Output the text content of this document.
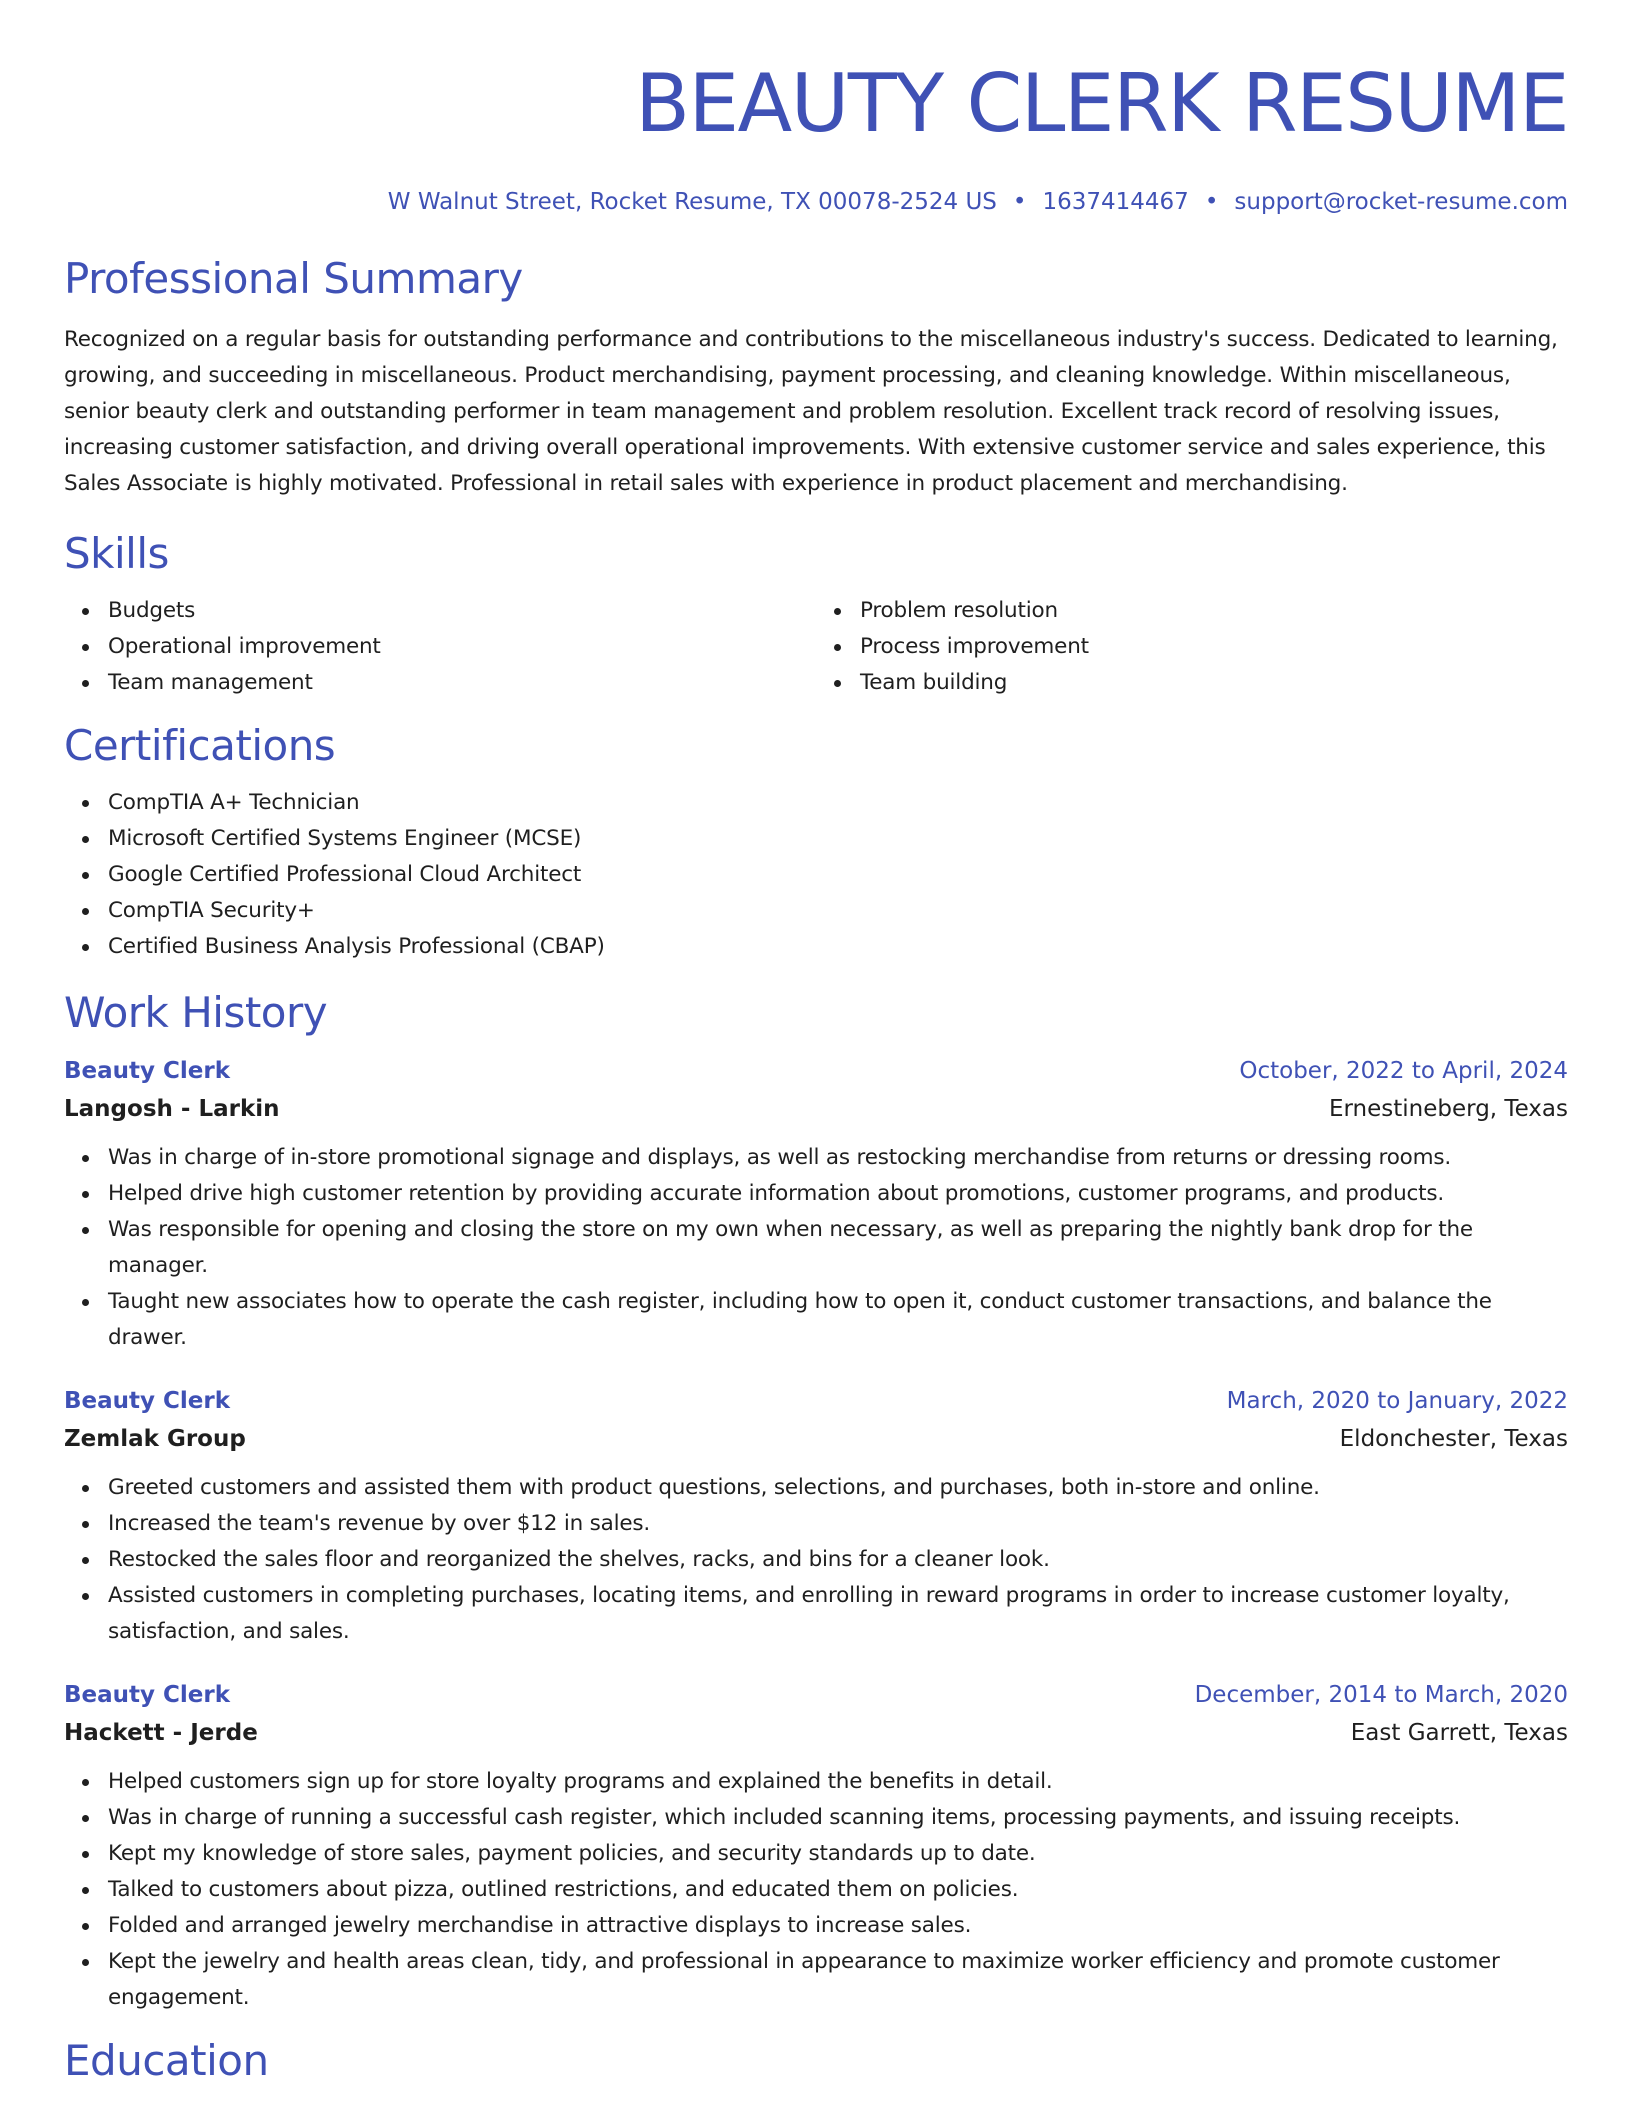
BEAUTY CLERK RESUME
W Walnut Street, Rocket Resume, TX 00078-2524 US • 1637414467 • support@rocket-resume.com
Professional Summary

Recognized on a regular basis for outstanding performance and contributions to the miscellaneous industry's success. Dedicated to learning, growing, and succeeding in miscellaneous. Product merchandising, payment processing, and cleaning knowledge. Within miscellaneous, senior beauty clerk and outstanding performer in team management and problem resolution. Excellent track record of resolving issues, increasing customer satisfaction, and driving overall operational improvements. With extensive customer service and sales experience, this Sales Associate is highly motivated. Professional in retail sales with experience in product placement and merchandising.

Skills
Budgets
Operational improvement
Team management
Problem resolution
Process improvement
Team building
Certifications
CompTIA A+ Technician
Microsoft Certified Systems Engineer (MCSE)
Google Certified Professional Cloud Architect
CompTIA Security+
Certified Business Analysis Professional (CBAP)
Work History
Beauty Clerk	October, 2022 to April, 2024
Langosh - Larkin	Ernestineberg, Texas
Was in charge of in-store promotional signage and displays, as well as restocking merchandise from returns or dressing rooms.
Helped drive high customer retention by providing accurate information about promotions, customer programs, and products.
Was responsible for opening and closing the store on my own when necessary, as well as preparing the nightly bank drop for the manager.
Taught new associates how to operate the cash register, including how to open it, conduct customer transactions, and balance the drawer.
Beauty Clerk	March, 2020 to January, 2022
Zemlak Group	Eldonchester, Texas
Greeted customers and assisted them with product questions, selections, and purchases, both in-store and online.
Increased the team's revenue by over $12 in sales.
Restocked the sales floor and reorganized the shelves, racks, and bins for a cleaner look.
Assisted customers in completing purchases, locating items, and enrolling in reward programs in order to increase customer loyalty, satisfaction, and sales.
Beauty Clerk	December, 2014 to March, 2020
Hackett - Jerde	East Garrett, Texas
Helped customers sign up for store loyalty programs and explained the benefits in detail.
Was in charge of running a successful cash register, which included scanning items, processing payments, and issuing receipts.
Kept my knowledge of store sales, payment policies, and security standards up to date.
Talked to customers about pizza, outlined restrictions, and educated them on policies.
Folded and arranged jewelry merchandise in attractive displays to increase sales.
Kept the jewelry and health areas clean, tidy, and professional in appearance to maximize worker efficiency and promote customer engagement.
Education
